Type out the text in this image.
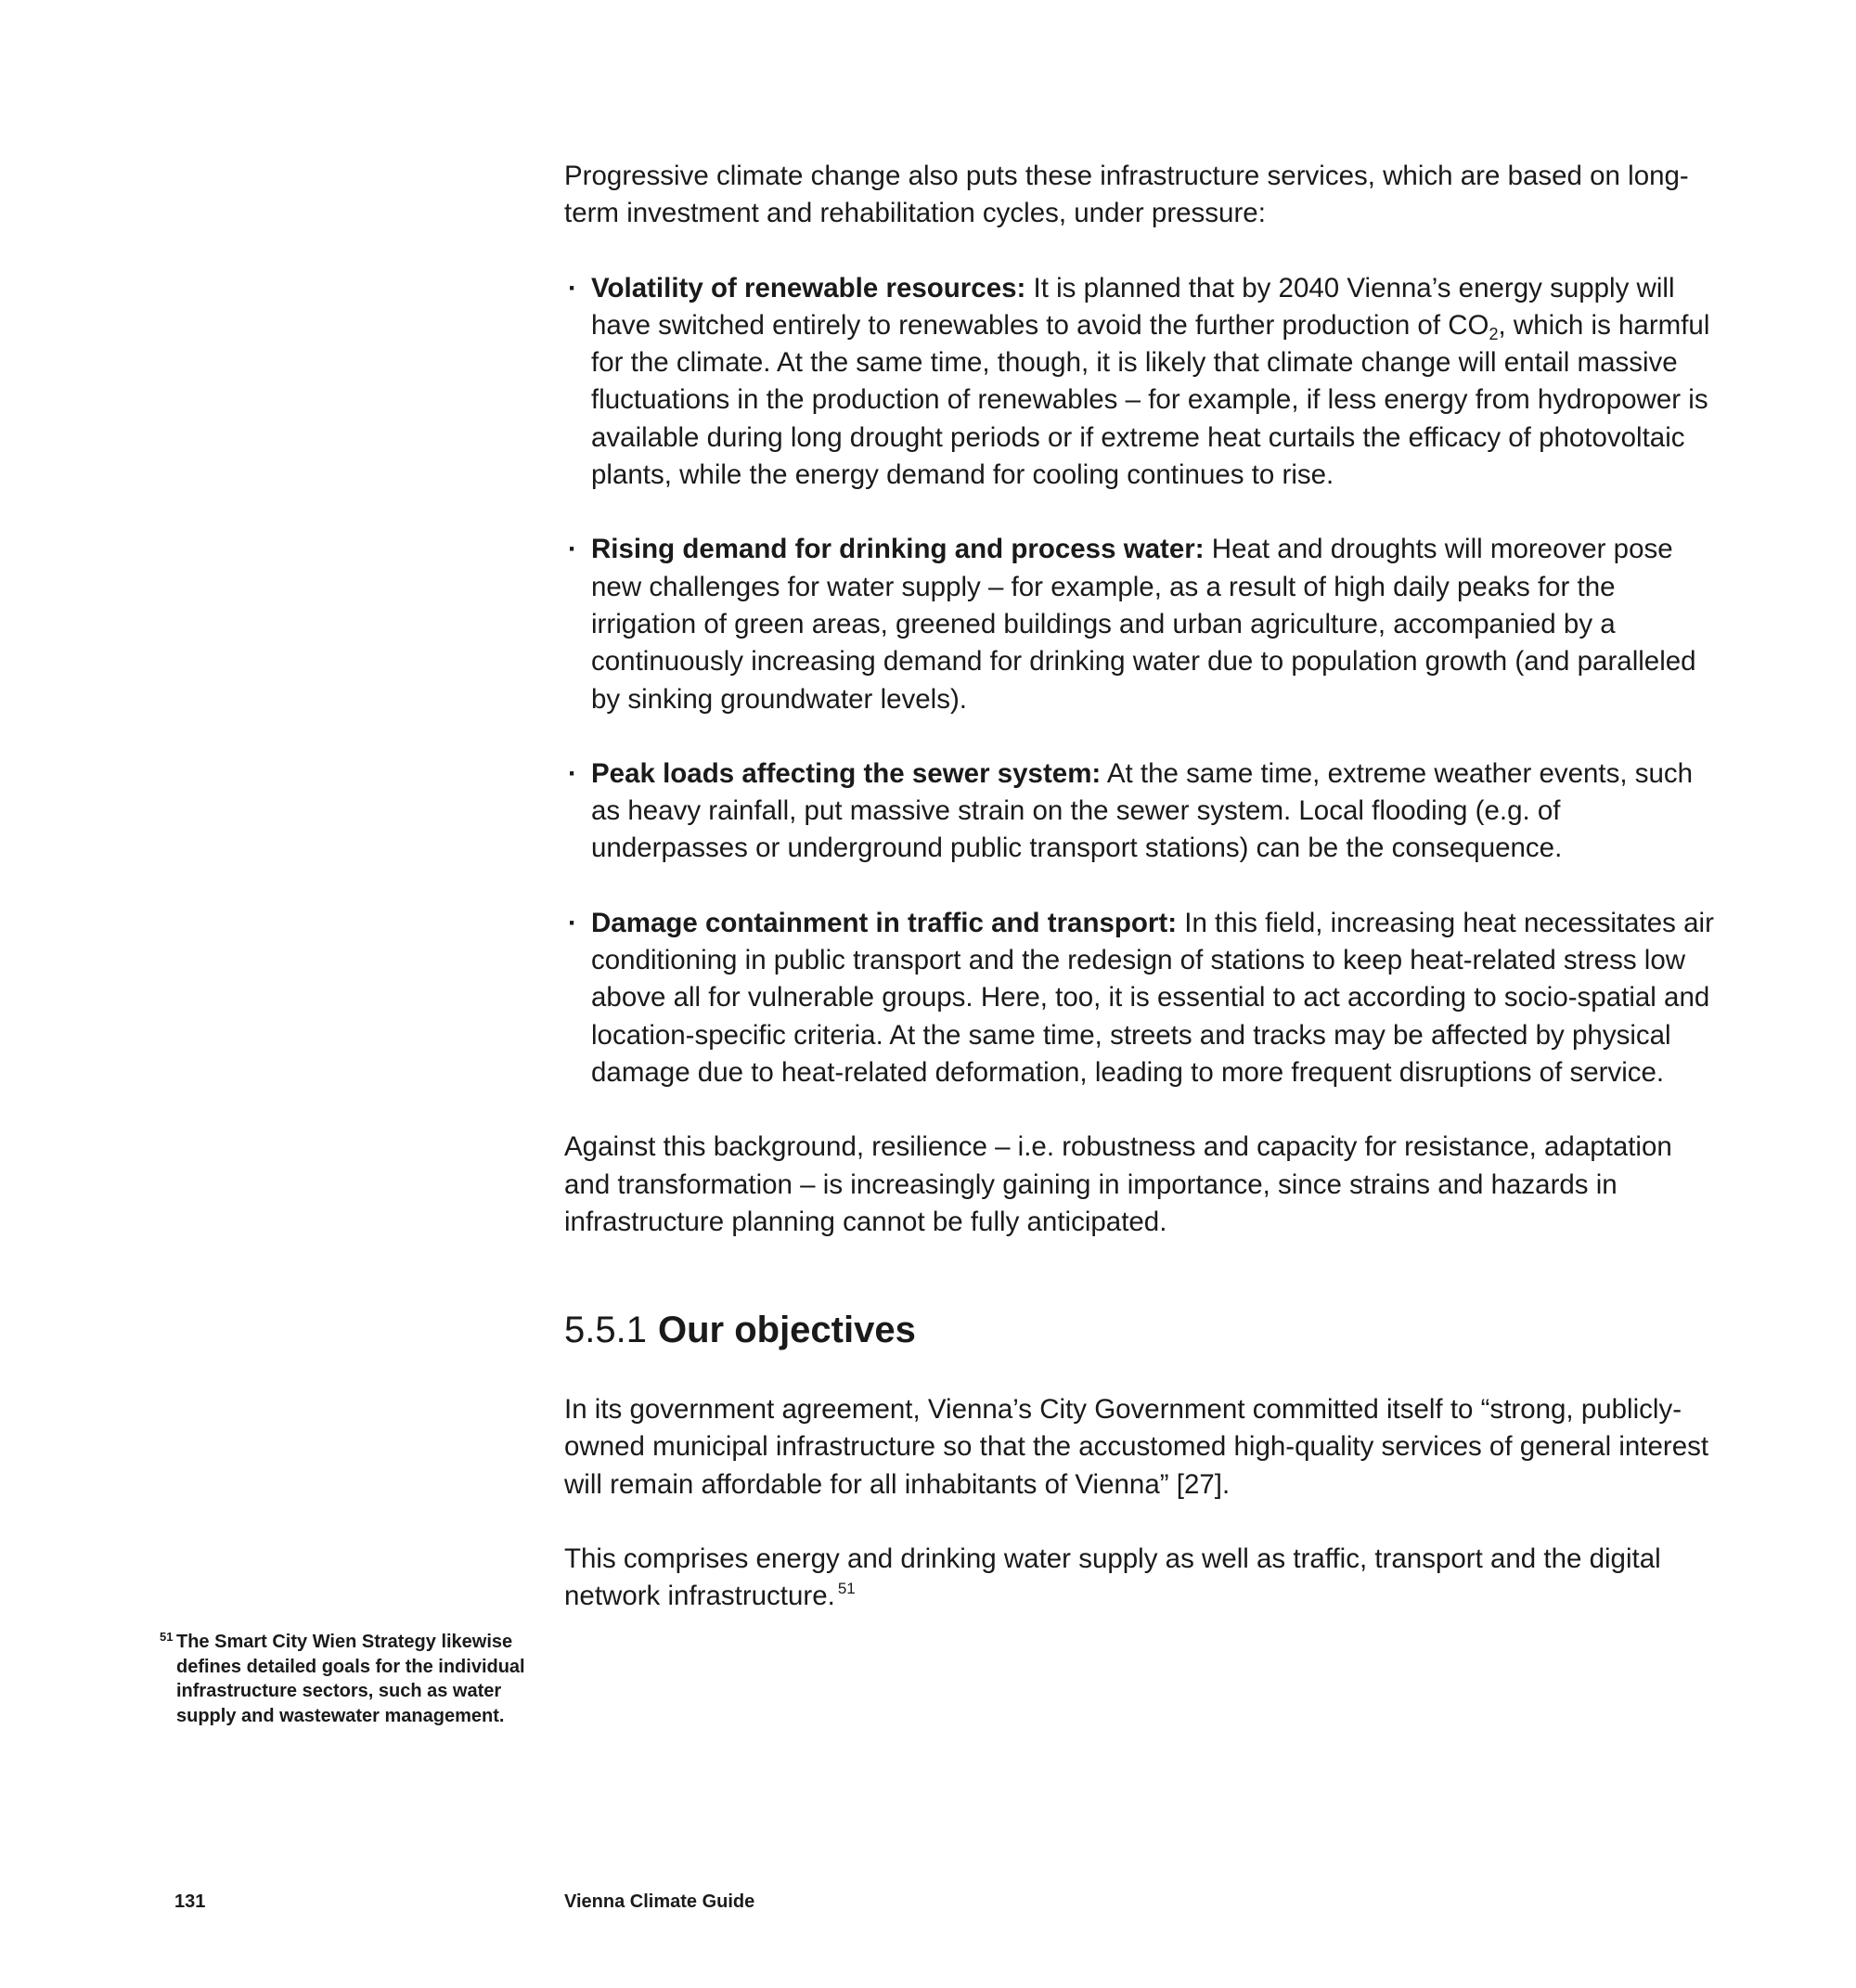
Progressive climate change also puts these infrastructure services, which are based on long-term investment and rehabilitation cycles, under pressure:

· Volatility of renewable resources: It is planned that by 2040 Vienna’s energy supply will have switched entirely to renewables to avoid the further production of $CO_2$, which is harmful for the climate. At the same time, though, it is likely that climate change will entail massive fluctuations in the production of renewables – for example, if less energy from hydropower is available during long drought periods or if extreme heat curtails the efficacy of photovoltaic plants, while the energy demand for cooling continues to rise.
· Rising demand for drinking and process water: Heat and droughts will moreover pose new challenges for water supply – for example, as a result of high daily peaks for the irrigation of green areas, greened buildings and urban agriculture, accompanied by a continuously increasing demand for drinking water due to population growth (and paralleled by sinking groundwater levels).
· Peak loads affecting the sewer system: At the same time, extreme weather events, such as heavy rainfall, put massive strain on the sewer system. Local flooding (e.g. of underpasses or underground public transport stations) can be the consequence.
· Damage containment in traffic and transport: In this field, increasing heat necessitates air conditioning in public transport and the redesign of stations to keep heat-related stress low above all for vulnerable groups. Here, too, it is essential to act according to socio-spatial and location-specific criteria. At the same time, streets and tracks may be affected by physical damage due to heat-related deformation, leading to more frequent disruptions of service.

Against this background, resilience – i.e. robustness and capacity for resistance, adaptation and transformation – is increasingly gaining in importance, since strains and hazards in infrastructure planning cannot be fully anticipated.

5.5.1 Our objectives

In its government agreement, Vienna’s City Government committed itself to “strong, publicly-owned municipal infrastructure so that the accustomed high-quality services of general interest will remain affordable for all inhabitants of Vienna” [27].

This comprises energy and drinking water supply as well as traffic, transport and the digital network infrastructure. $^{51}$

51 The Smart City Wien Strategy likewise defines detailed goals for the individual infrastructure sectors, such as water supply and wastewater management.
131	Vienna Climate Guide
